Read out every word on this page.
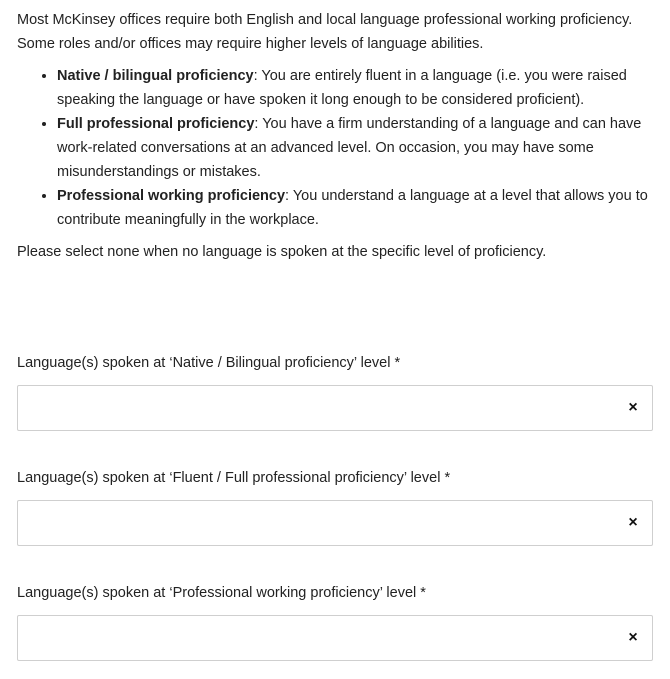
Most McKinsey offices require both English and local language professional working proficiency.
Some roles and/or offices may require higher levels of language abilities.

• Native / bilingual proficiency: You are entirely fluent in a language (i.e. you were raised speaking the language or have spoken it long enough to be considered proficient).
• Full professional proficiency: You have a firm understanding of a language and can have work-related conversations at an advanced level. On occasion, you may have some misunderstandings or mistakes.
• Professional working proficiency: You understand a language at a level that allows you to contribute meaningfully in the workplace.

Please select none when no language is spoken at the specific level of proficiency.

Language(s) spoken at ‘Native / Bilingual proficiency’ level *
×
Language(s) spoken at ‘Fluent / Full professional proficiency’ level *
×
Language(s) spoken at ‘Professional working proficiency’ level *
×
